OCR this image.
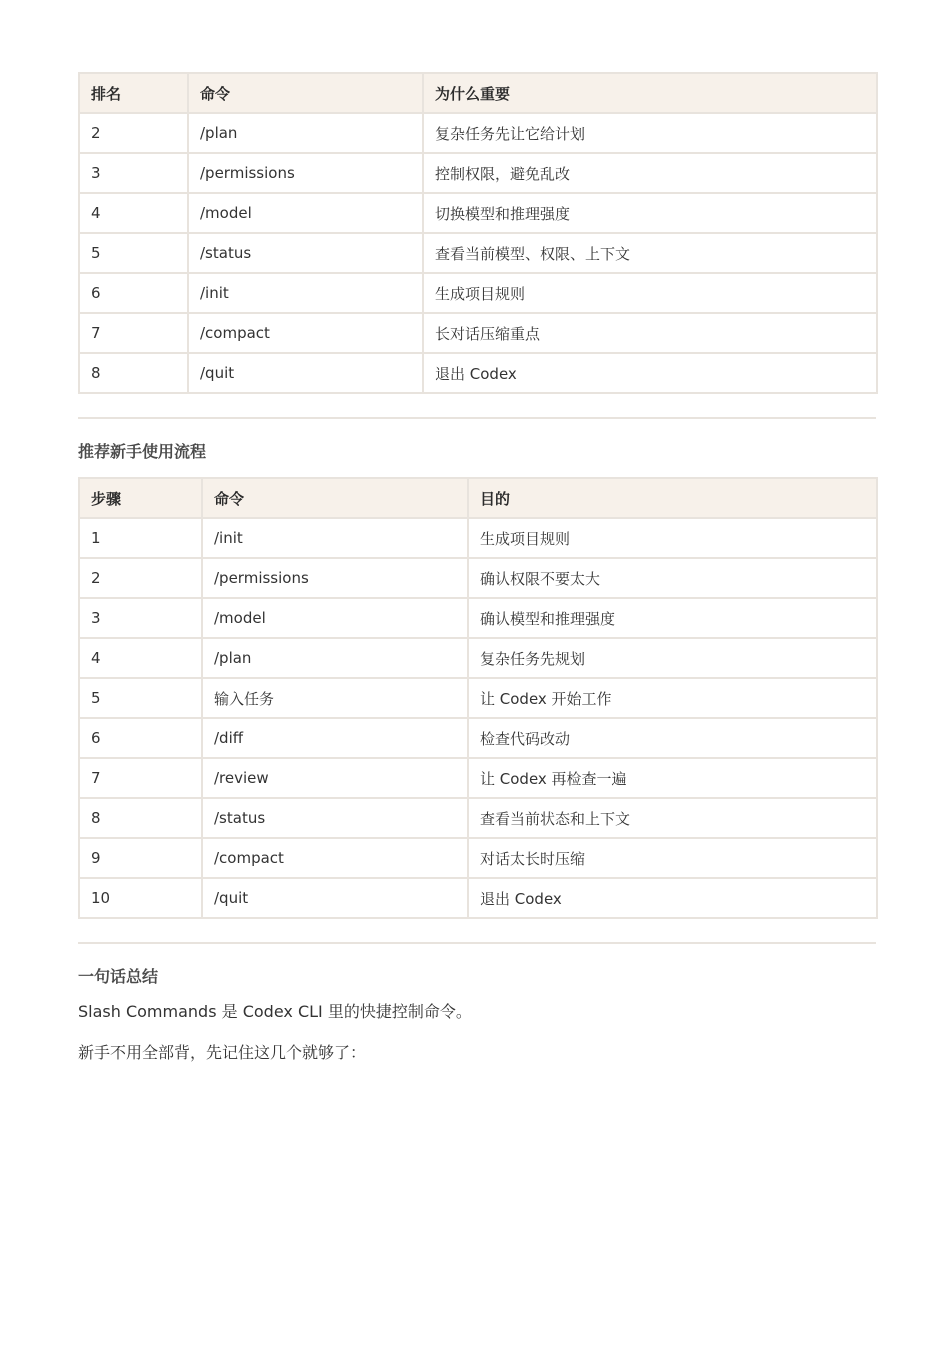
排名	命令	为什么重要
2	/plan	复杂任务先让它给计划
3	/permissions	控制权限，避免乱改
4	/model	切换模型和推理强度
5	/status	查看当前模型、权限、上下文
6	/init	生成项目规则
7	/compact	长对话压缩重点
8	/quit	退出 Codex
推荐新手使用流程
步骤	命令	目的
1	/init	生成项目规则
2	/permissions	确认权限不要太大
3	/model	确认模型和推理强度
4	/plan	复杂任务先规划
5	输入任务	让 Codex 开始工作
6	/diff	检查代码改动
7	/review	让 Codex 再检查一遍
8	/status	查看当前状态和上下文
9	/compact	对话太长时压缩
10	/quit	退出 Codex
一句话总结
Slash Commands 是 Codex CLI 里的快捷控制命令。
新手不用全部背，先记住这几个就够了：
